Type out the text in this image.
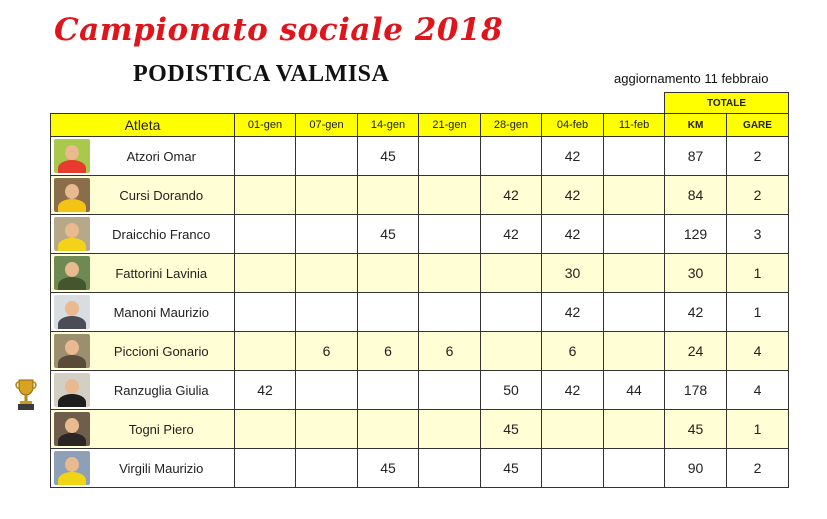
Campionato sociale 2018
PODISTICA VALMISA	aggiornamento 11 febbraio
									TOTALE	
Atleta		01-gen	07-gen	14-gen	21-gen	28-gen	04-feb	11-feb	KM	GARE

	Atzori Omar			45			42		87	2

	Cursi Dorando					42	42		84	2

	Draicchio Franco			45		42	42		129	3

	Fattorini Lavinia						30		30	1

	Manoni Maurizio						42		42	1

	Piccioni Gonario		6	6	6		6		24	4

	Ranzuglia Giulia	42				50	42	44	178	4

	Togni Piero					45			45	1

	Virgili Maurizio			45		45			90	2
